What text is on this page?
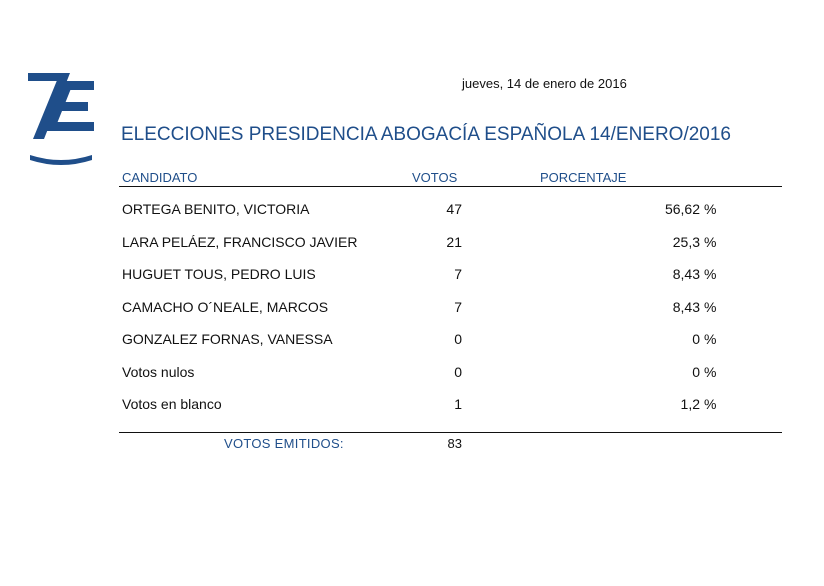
jueves, 14 de enero de 2016
ELECCIONES PRESIDENCIA ABOGACÍA ESPAÑOLA 14/ENERO/2016
CANDIDATO	VOTOS	PORCENTAJE
ORTEGA BENITO, VICTORIA	47	56,62 %
LARA PELÁEZ, FRANCISCO JAVIER	21	25,3 %
HUGUET TOUS, PEDRO LUIS	7	8,43 %
CAMACHO O´NEALE, MARCOS	7	8,43 %
GONZALEZ FORNAS, VANESSA	0	0 %
Votos nulos	0	0 %
Votos en blanco	1	1,2 %
VOTOS EMITIDOS:	83
